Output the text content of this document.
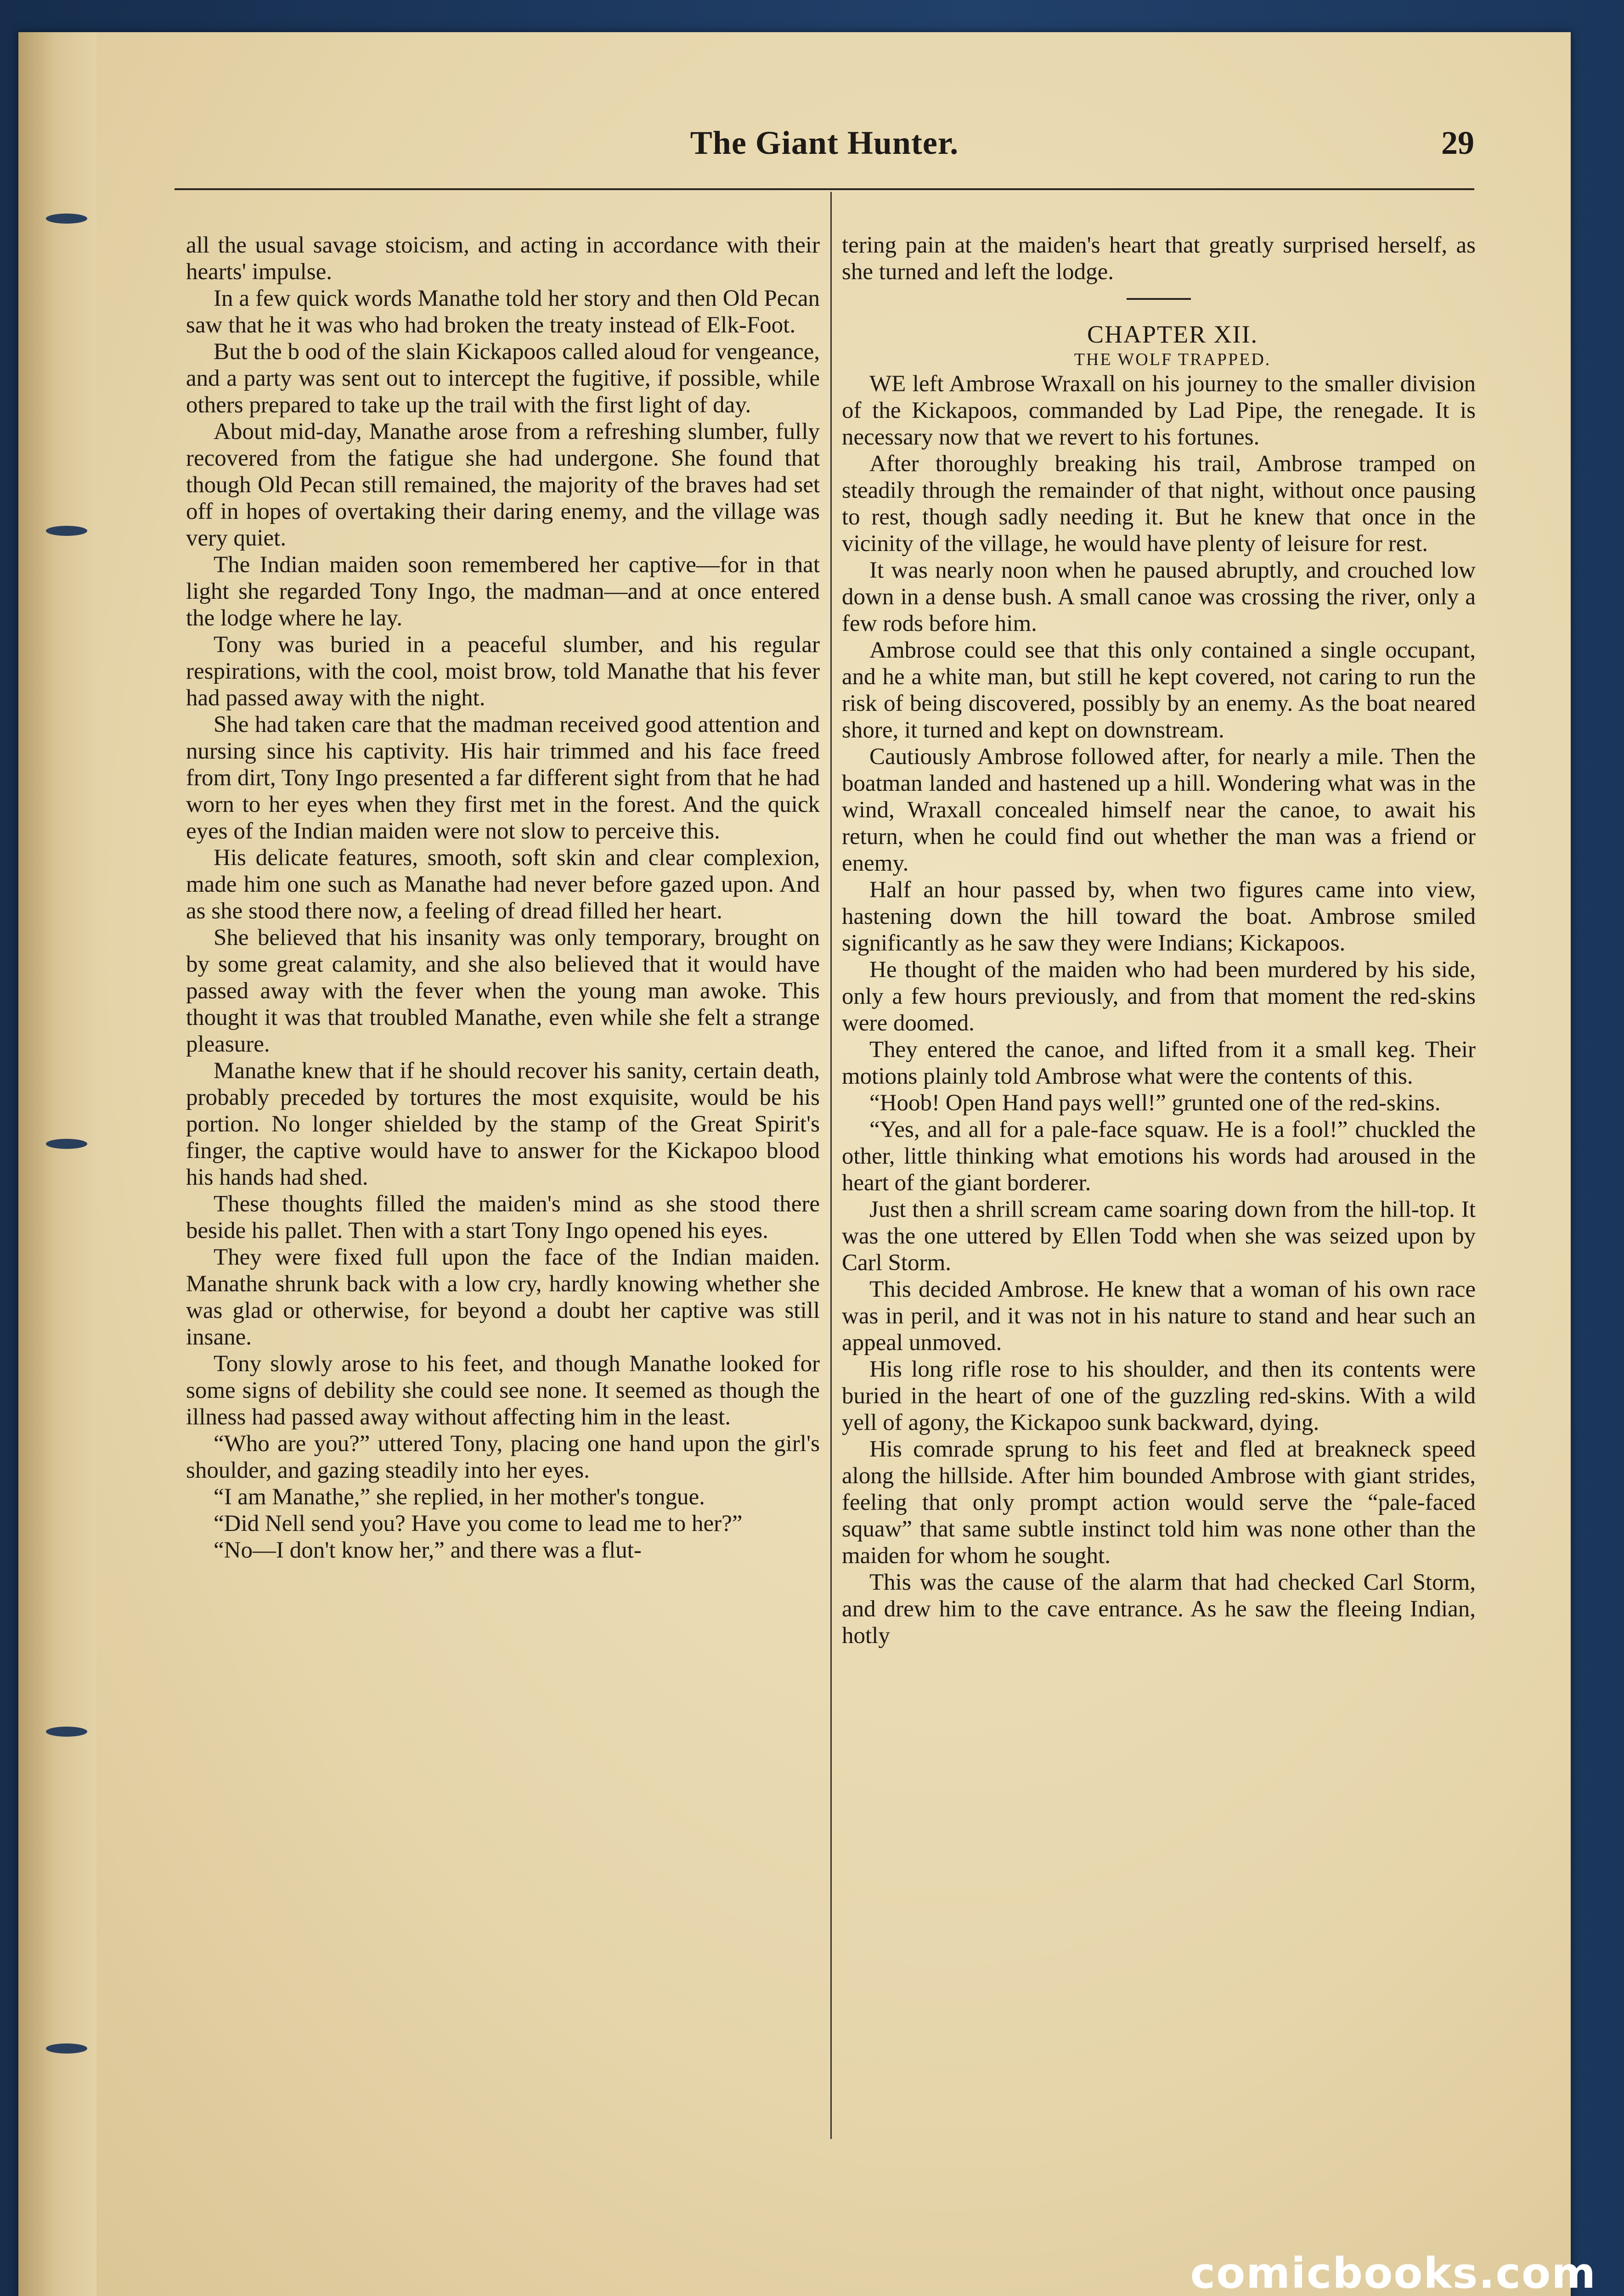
The Giant Hunter.	29

all the usual savage stoicism, and acting in accordance with their hearts' impulse.

In a few quick words Manathe told her story and then Old Pecan saw that he it was who had broken the treaty instead of Elk-Foot.

But the b ood of the slain Kickapoos called aloud for vengeance, and a party was sent out to intercept the fugitive, if possible, while others prepared to take up the trail with the first light of day.

About mid-day, Manathe arose from a refreshing slumber, fully recovered from the fatigue she had undergone. She found that though Old Pecan still remained, the majority of the braves had set off in hopes of overtaking their daring enemy, and the village was very quiet.

The Indian maiden soon remembered her captive—for in that light she regarded Tony Ingo, the madman—and at once entered the lodge where he lay.

Tony was buried in a peaceful slumber, and his regular respirations, with the cool, moist brow, told Manathe that his fever had passed away with the night.

She had taken care that the madman received good attention and nursing since his captivity. His hair trimmed and his face freed from dirt, Tony Ingo presented a far different sight from that he had worn to her eyes when they first met in the forest. And the quick eyes of the Indian maiden were not slow to perceive this.

His delicate features, smooth, soft skin and clear complexion, made him one such as Manathe had never before gazed upon. And as she stood there now, a feeling of dread filled her heart.

She believed that his insanity was only temporary, brought on by some great calamity, and she also believed that it would have passed away with the fever when the young man awoke. This thought it was that troubled Manathe, even while she felt a strange pleasure.

Manathe knew that if he should recover his sanity, certain death, probably preceded by tortures the most exquisite, would be his portion. No longer shielded by the stamp of the Great Spirit's finger, the captive would have to answer for the Kickapoo blood his hands had shed.

These thoughts filled the maiden's mind as she stood there beside his pallet. Then with a start Tony Ingo opened his eyes.

They were fixed full upon the face of the Indian maiden. Manathe shrunk back with a low cry, hardly knowing whether she was glad or otherwise, for beyond a doubt her captive was still insane.

Tony slowly arose to his feet, and though Manathe looked for some signs of debility she could see none. It seemed as though the illness had passed away without affecting him in the least.

“Who are you?” uttered Tony, placing one hand upon the girl's shoulder, and gazing steadily into her eyes.

“I am Manathe,” she replied, in her mother's tongue.

“Did Nell send you? Have you come to lead me to her?”

“No—I don't know her,” and there was a flut-

tering pain at the maiden's heart that greatly surprised herself, as she turned and left the lodge.

CHAPTER XII.

THE WOLF TRAPPED.

WE left Ambrose Wraxall on his journey to the smaller division of the Kickapoos, commanded by Lad Pipe, the renegade. It is necessary now that we revert to his fortunes.

After thoroughly breaking his trail, Ambrose tramped on steadily through the remainder of that night, without once pausing to rest, though sadly needing it. But he knew that once in the vicinity of the village, he would have plenty of leisure for rest.

It was nearly noon when he paused abruptly, and crouched low down in a dense bush. A small canoe was crossing the river, only a few rods before him.

Ambrose could see that this only contained a single occupant, and he a white man, but still he kept covered, not caring to run the risk of being discovered, possibly by an enemy. As the boat neared shore, it turned and kept on downstream.

Cautiously Ambrose followed after, for nearly a mile. Then the boatman landed and hastened up a hill. Wondering what was in the wind, Wraxall concealed himself near the canoe, to await his return, when he could find out whether the man was a friend or enemy.

Half an hour passed by, when two figures came into view, hastening down the hill toward the boat. Ambrose smiled significantly as he saw they were Indians; Kickapoos.

He thought of the maiden who had been murdered by his side, only a few hours previously, and from that moment the red-skins were doomed.

They entered the canoe, and lifted from it a small keg. Their motions plainly told Ambrose what were the contents of this.

“Hoob! Open Hand pays well!” grunted one of the red-skins.

“Yes, and all for a pale-face squaw. He is a fool!” chuckled the other, little thinking what emotions his words had aroused in the heart of the giant borderer.

Just then a shrill scream came soaring down from the hill-top. It was the one uttered by Ellen Todd when she was seized upon by Carl Storm.

This decided Ambrose. He knew that a woman of his own race was in peril, and it was not in his nature to stand and hear such an appeal unmoved.

His long rifle rose to his shoulder, and then its contents were buried in the heart of one of the guzzling red-skins. With a wild yell of agony, the Kickapoo sunk backward, dying.

His comrade sprung to his feet and fled at breakneck speed along the hillside. After him bounded Ambrose with giant strides, feeling that only prompt action would serve the “pale-faced squaw” that same subtle instinct told him was none other than the maiden for whom he sought.

This was the cause of the alarm that had checked Carl Storm, and drew him to the cave entrance. As he saw the fleeing Indian, hotly

comicbooks.com
